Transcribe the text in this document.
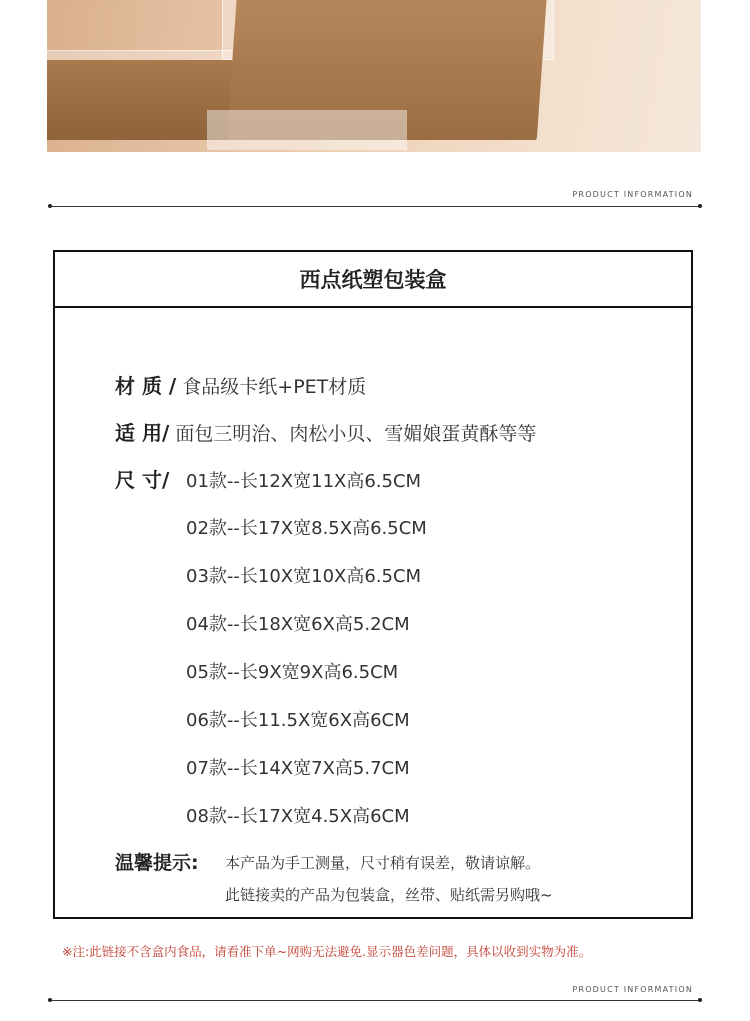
PRODUCT INFORMATION
西点纸塑包装盒
材 质 / 食品级卡纸+PET材质
适 用/ 面包三明治、肉松小贝、雪媚娘蛋黄酥等等
尺 寸/ 01款--长12X宽11X高6.5CM
02款--长17X宽8.5X高6.5CM
03款--长10X宽10X高6.5CM
04款--长18X宽6X高5.2CM
05款--长9X宽9X高6.5CM
06款--长11.5X宽6X高6CM
07款--长14X宽7X高5.7CM
08款--长17X宽4.5X高6CM
温馨提示: 本产品为手工测量，尺寸稍有误差，敬请谅解。
此链接卖的产品为包装盒，丝带、贴纸需另购哦~
※注:此链接不含盒内食品，请看准下单~网购无法避免.显示器色差问题，具体以收到实物为准。
PRODUCT INFORMATION
